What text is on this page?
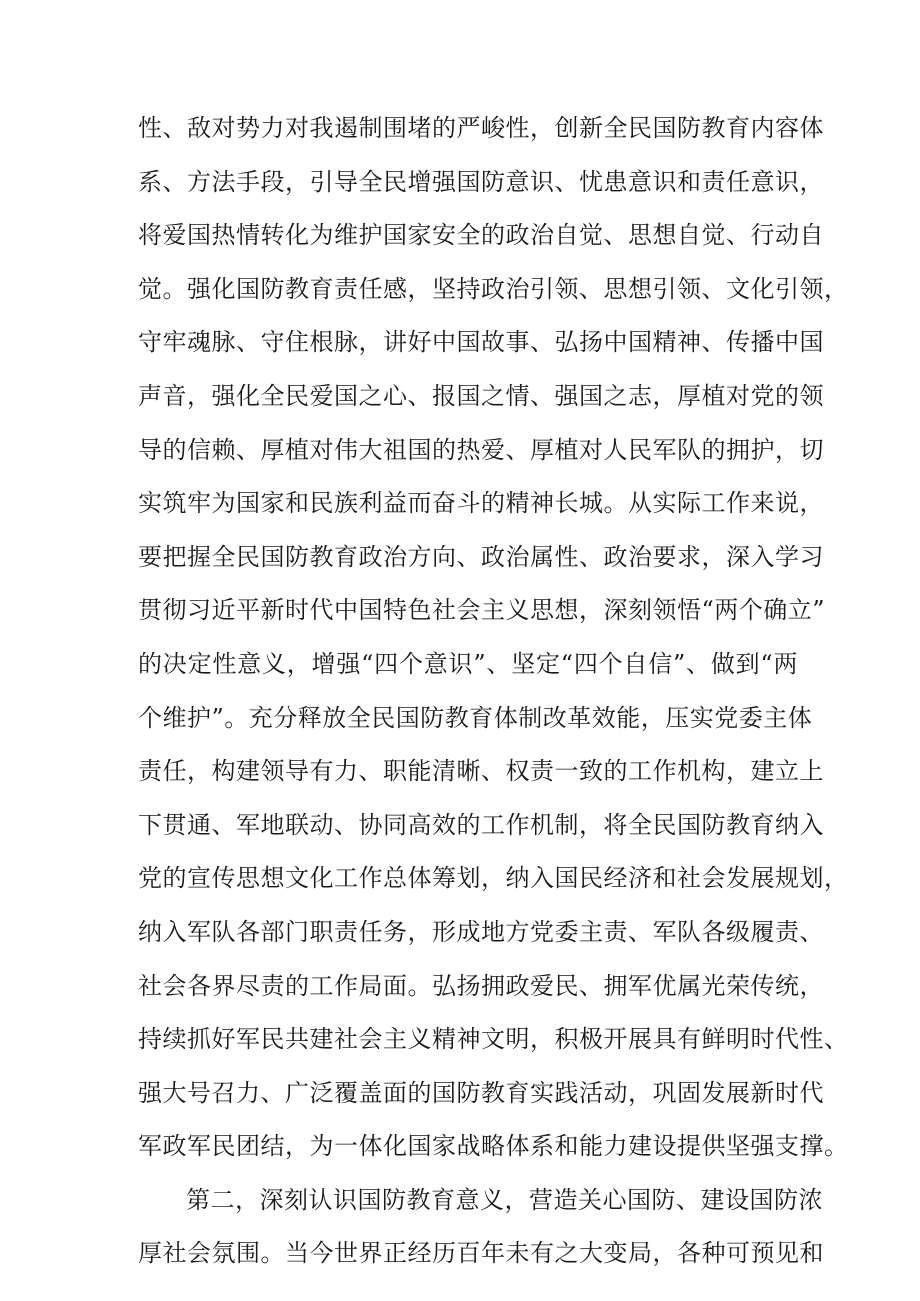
性、敌对势力对我遏制围堵的严峻性，创新全民国防教育内容体
系、方法手段，引导全民增强国防意识、忧患意识和责任意识，
将爱国热情转化为维护国家安全的政治自觉、思想自觉、行动自
觉。强化国防教育责任感，坚持政治引领、思想引领、文化引领，
守牢魂脉、守住根脉，讲好中国故事、弘扬中国精神、传播中国
声音，强化全民爱国之心、报国之情、强国之志，厚植对党的领
导的信赖、厚植对伟大祖国的热爱、厚植对人民军队的拥护，切
实筑牢为国家和民族利益而奋斗的精神长城。从实际工作来说，
要把握全民国防教育政治方向、政治属性、政治要求，深入学习
贯彻习近平新时代中国特色社会主义思想，深刻领悟“两个确立”
的决定性意义，增强“四个意识”、坚定“四个自信”、做到“两
个维护”。充分释放全民国防教育体制改革效能，压实党委主体
责任，构建领导有力、职能清晰、权责一致的工作机构，建立上
下贯通、军地联动、协同高效的工作机制，将全民国防教育纳入
党的宣传思想文化工作总体筹划，纳入国民经济和社会发展规划，
纳入军队各部门职责任务，形成地方党委主责、军队各级履责、
社会各界尽责的工作局面。弘扬拥政爱民、拥军优属光荣传统，
持续抓好军民共建社会主义精神文明，积极开展具有鲜明时代性、
强大号召力、广泛覆盖面的国防教育实践活动，巩固发展新时代
军政军民团结，为一体化国家战略体系和能力建设提供坚强支撑。
第二，深刻认识国防教育意义，营造关心国防、建设国防浓
厚社会氛围。当今世界正经历百年未有之大变局，各种可预见和
